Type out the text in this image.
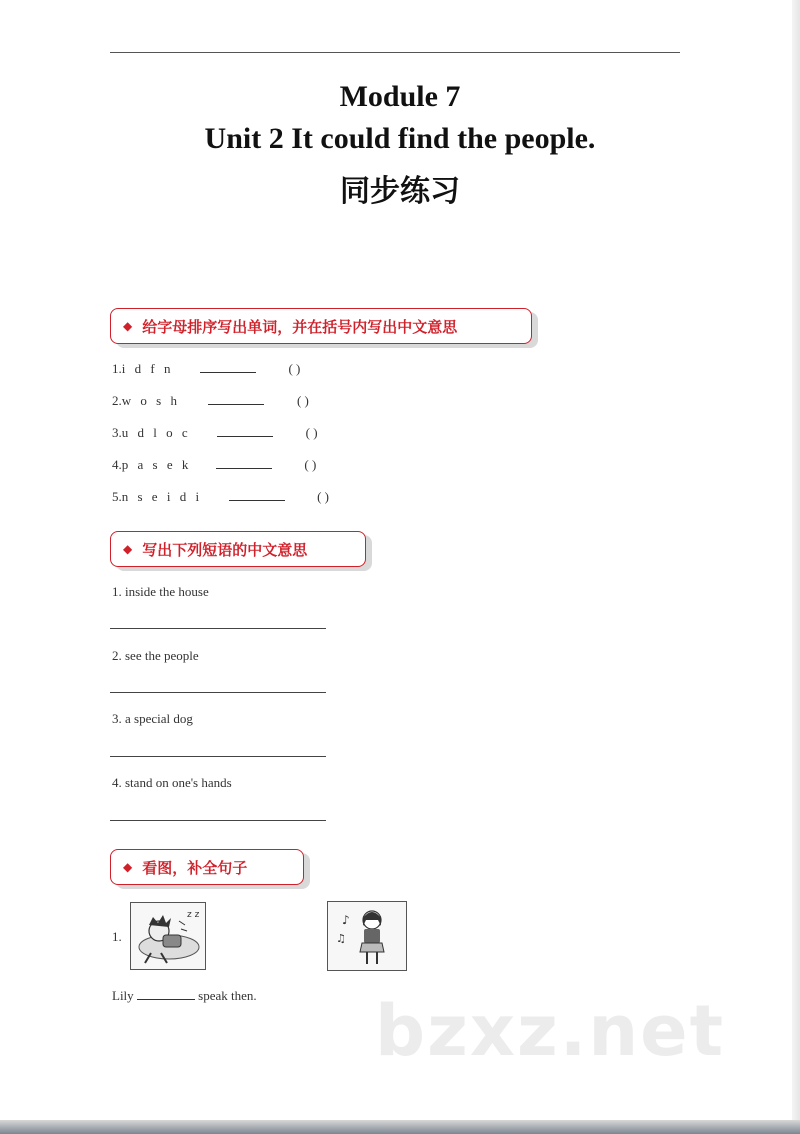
Module 7
Unit 2 It could find the people.
同步练习
◆ 给字母排序写出单词，并在括号内写出中文意思
1.i d f n	( )
2.w o s h	( )
3.u d l o c	( )
4.p a s e k	( )
5.n s e i d i	( )
◆ 写出下列短语的中文意思
1. inside the house
2. see the people
3. a special dog
4. stand on one's hands
◆ 看图，补全句子
1.
z z	♪
♫
Lily	speak then. bzxz.net
